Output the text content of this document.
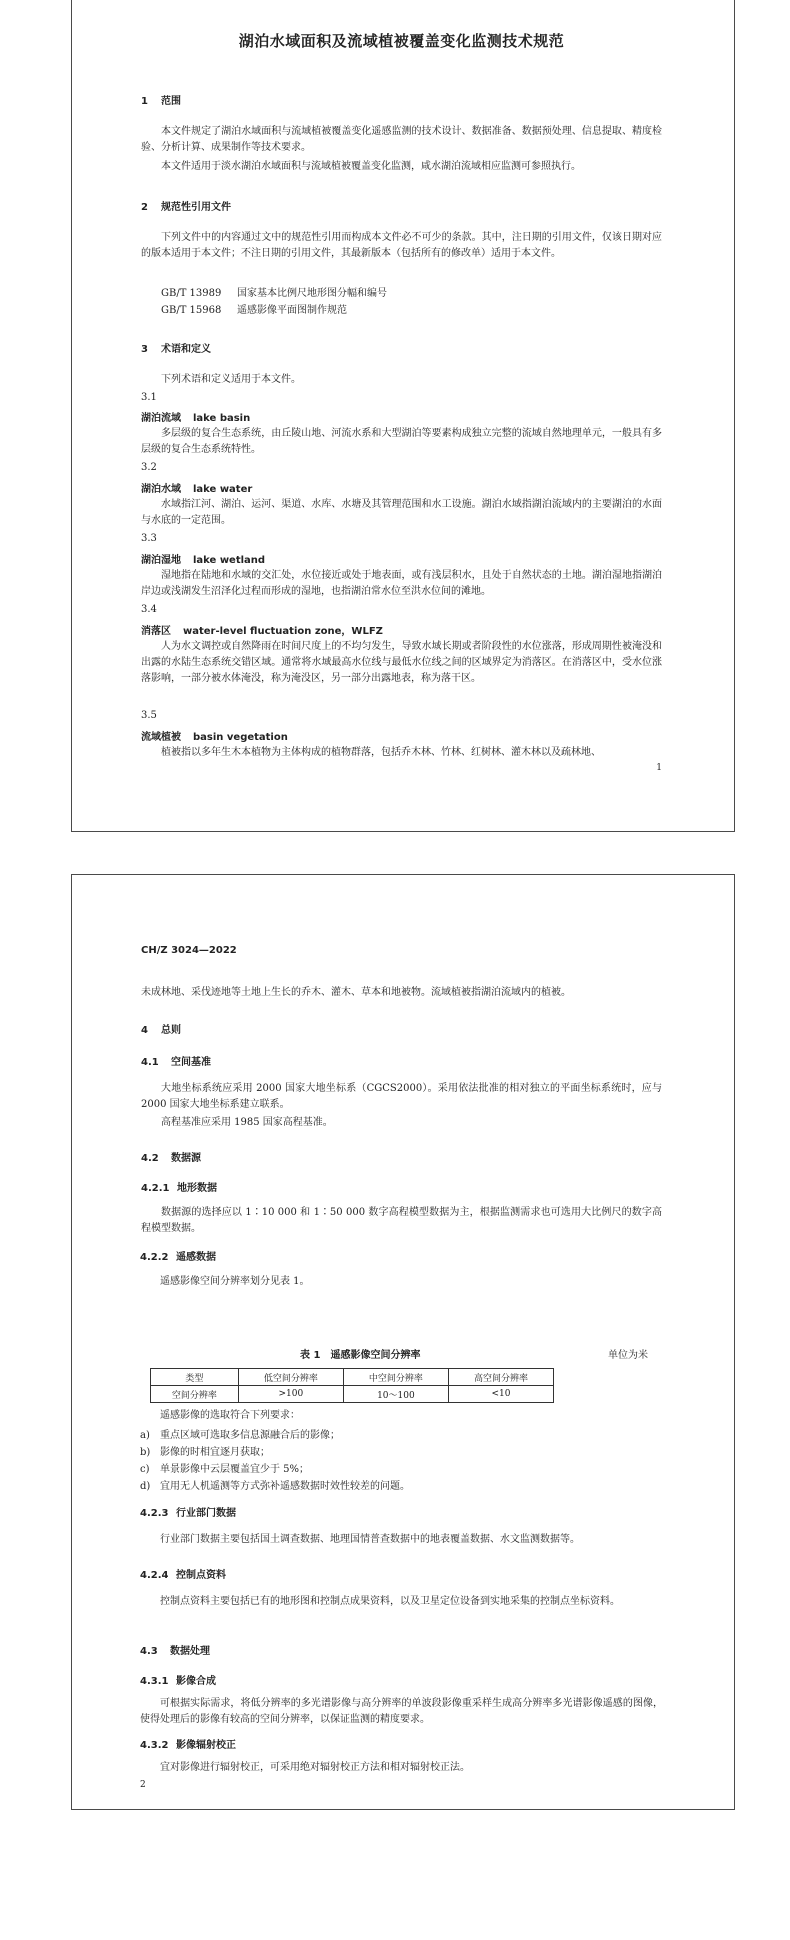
湖泊水域面积及流域植被覆盖变化监测技术规范
1 范围
本文件规定了湖泊水域面积与流域植被覆盖变化遥感监测的技术设计、数据准备、数据预处理、信息提取、精度检验、分析计算、成果制作等技术要求。
本文件适用于淡水湖泊水域面积与流域植被覆盖变化监测，咸水湖泊流域相应监测可参照执行。
2 规范性引用文件
下列文件中的内容通过文中的规范性引用而构成本文件必不可少的条款。其中，注日期的引用文件，仅该日期对应的版本适用于本文件；不注日期的引用文件，其最新版本（包括所有的修改单）适用于本文件。
GB/T 13989 国家基本比例尺地形图分幅和编号
GB/T 15968 遥感影像平面图制作规范
3 术语和定义
下列术语和定义适用于本文件。
3.1
湖泊流域 lake basin
多层级的复合生态系统，由丘陵山地、河流水系和大型湖泊等要素构成独立完整的流域自然地理单元，一般具有多层级的复合生态系统特性。
3.2
湖泊水域 lake water
水域指江河、湖泊、运河、渠道、水库、水塘及其管理范围和水工设施。湖泊水域指湖泊流域内的主要湖泊的水面与水底的一定范围。
3.3
湖泊湿地 lake wetland
湿地指在陆地和水域的交汇处，水位接近或处于地表面，或有浅层积水，且处于自然状态的土地。湖泊湿地指湖泊岸边或浅湖发生沼泽化过程而形成的湿地，也指湖泊常水位至洪水位间的滩地。
3.4
消落区 water-level fluctuation zone，WLFZ
人为水文调控或自然降雨在时间尺度上的不均匀发生，导致水域长期或者阶段性的水位涨落，形成周期性被淹没和出露的水陆生态系统交错区域。通常将水域最高水位线与最低水位线之间的区域界定为消落区。在消落区中，受水位涨落影响，一部分被水体淹没，称为淹没区，另一部分出露地表，称为落干区。
3.5
流域植被 basin vegetation
植被指以多年生木本植物为主体构成的植物群落，包括乔木林、竹林、红树林、灌木林以及疏林地、
1
CH/Z 3024—2022
未成林地、采伐迹地等土地上生长的乔木、灌木、草本和地被物。流域植被指湖泊流域内的植被。
4 总则
4.1 空间基准
大地坐标系统应采用 2000 国家大地坐标系（CGCS2000）。采用依法批准的相对独立的平面坐标系统时，应与 2000 国家大地坐标系建立联系。
高程基准应采用 1985 国家高程基准。
4.2 数据源
4.2.1 地形数据
数据源的选择应以 1∶10 000 和 1∶50 000 数字高程模型数据为主，根据监测需求也可选用大比例尺的数字高程模型数据。
4.2.2 遥感数据
遥感影像空间分辨率划分见表 1。
表 1　遥感影像空间分辨率	单位为米
类型	低空间分辨率	中空间分辨率	高空间分辨率
空间分辨率	>100	10～100	<10
遥感影像的选取符合下列要求：
a) 重点区域可选取多信息源融合后的影像；
b) 影像的时相宜逐月获取；
c) 单景影像中云层覆盖宜少于 5%；
d) 宜用无人机遥测等方式弥补遥感数据时效性较差的问题。
4.2.3 行业部门数据
行业部门数据主要包括国土调查数据、地理国情普查数据中的地表覆盖数据、水文监测数据等。
4.2.4 控制点资料
控制点资料主要包括已有的地形图和控制点成果资料，以及卫星定位设备到实地采集的控制点坐标资料。
4.3 数据处理
4.3.1 影像合成
可根据实际需求，将低分辨率的多光谱影像与高分辨率的单波段影像重采样生成高分辨率多光谱影像遥感的图像，使得处理后的影像有较高的空间分辨率，以保证监测的精度要求。
4.3.2 影像辐射校正
宜对影像进行辐射校正，可采用绝对辐射校正方法和相对辐射校正法。
2
